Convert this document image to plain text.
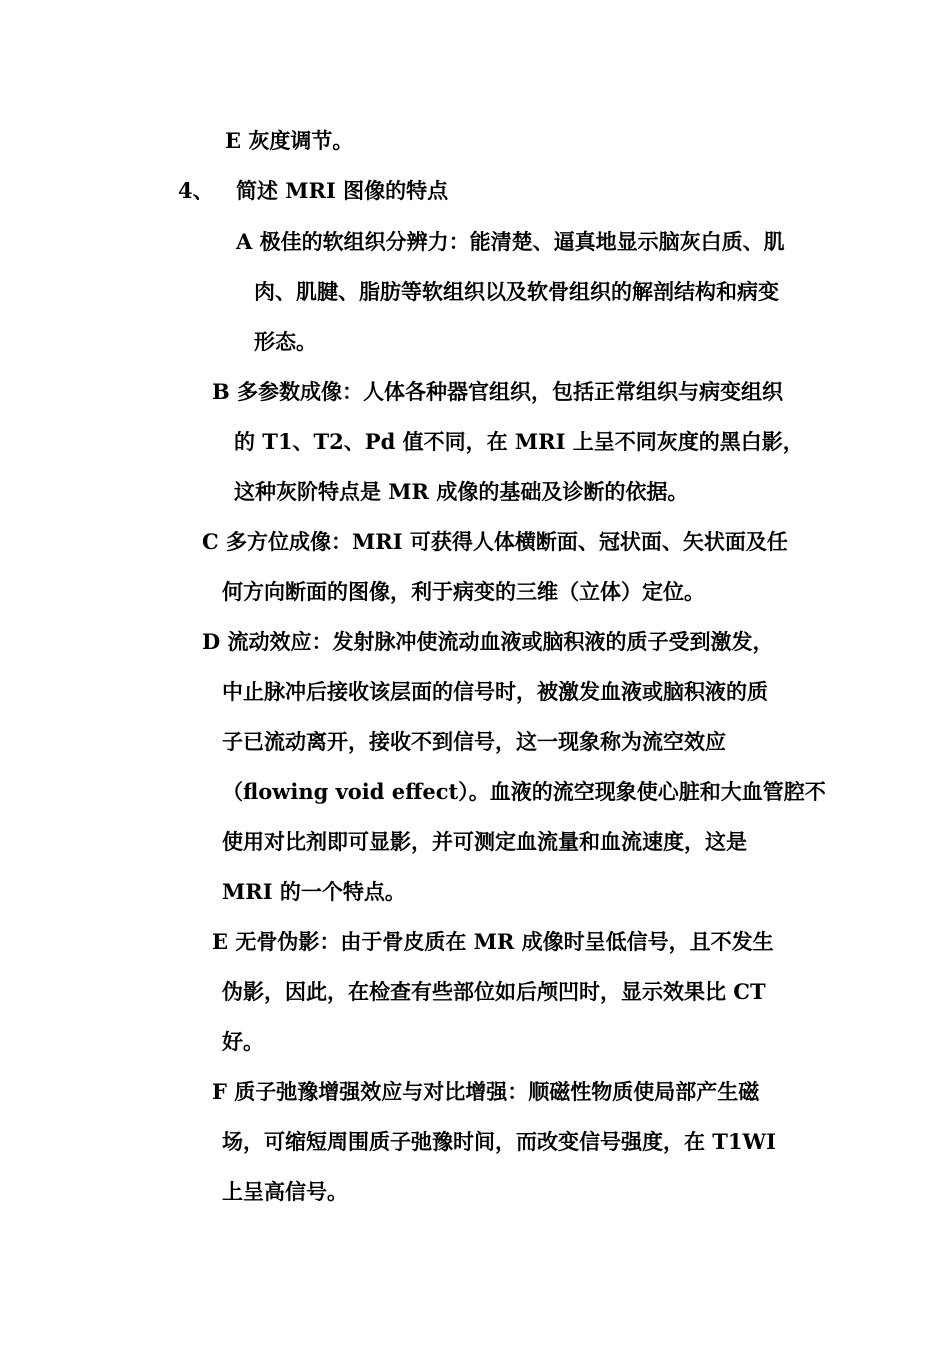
E 灰度调节。
4、 简述 MRI 图像的特点
A 极佳的软组织分辨力：能清楚、逼真地显示脑灰白质、肌
肉、肌腱、脂肪等软组织以及软骨组织的解剖结构和病变
形态。
B 多参数成像：人体各种器官组织，包括正常组织与病变组织
的 T1、T2、Pd 值不同，在 MRI 上呈不同灰度的黑白影，
这种灰阶特点是 MR 成像的基础及诊断的依据。
C 多方位成像：MRI 可获得人体横断面、冠状面、矢状面及任
何方向断面的图像，利于病变的三维（立体）定位。
D 流动效应：发射脉冲使流动血液或脑积液的质子受到激发，
中止脉冲后接收该层面的信号时，被激发血液或脑积液的质
子已流动离开，接收不到信号，这一现象称为流空效应
（flowing void effect）。血液的流空现象使心脏和大血管腔不
使用对比剂即可显影，并可测定血流量和血流速度，这是
MRI 的一个特点。
E 无骨伪影：由于骨皮质在 MR 成像时呈低信号，且不发生
伪影，因此，在检查有些部位如后颅凹时，显示效果比 CT
好。
F 质子弛豫增强效应与对比增强：顺磁性物质使局部产生磁
场，可缩短周围质子弛豫时间，而改变信号强度，在 T1WI
上呈高信号。
